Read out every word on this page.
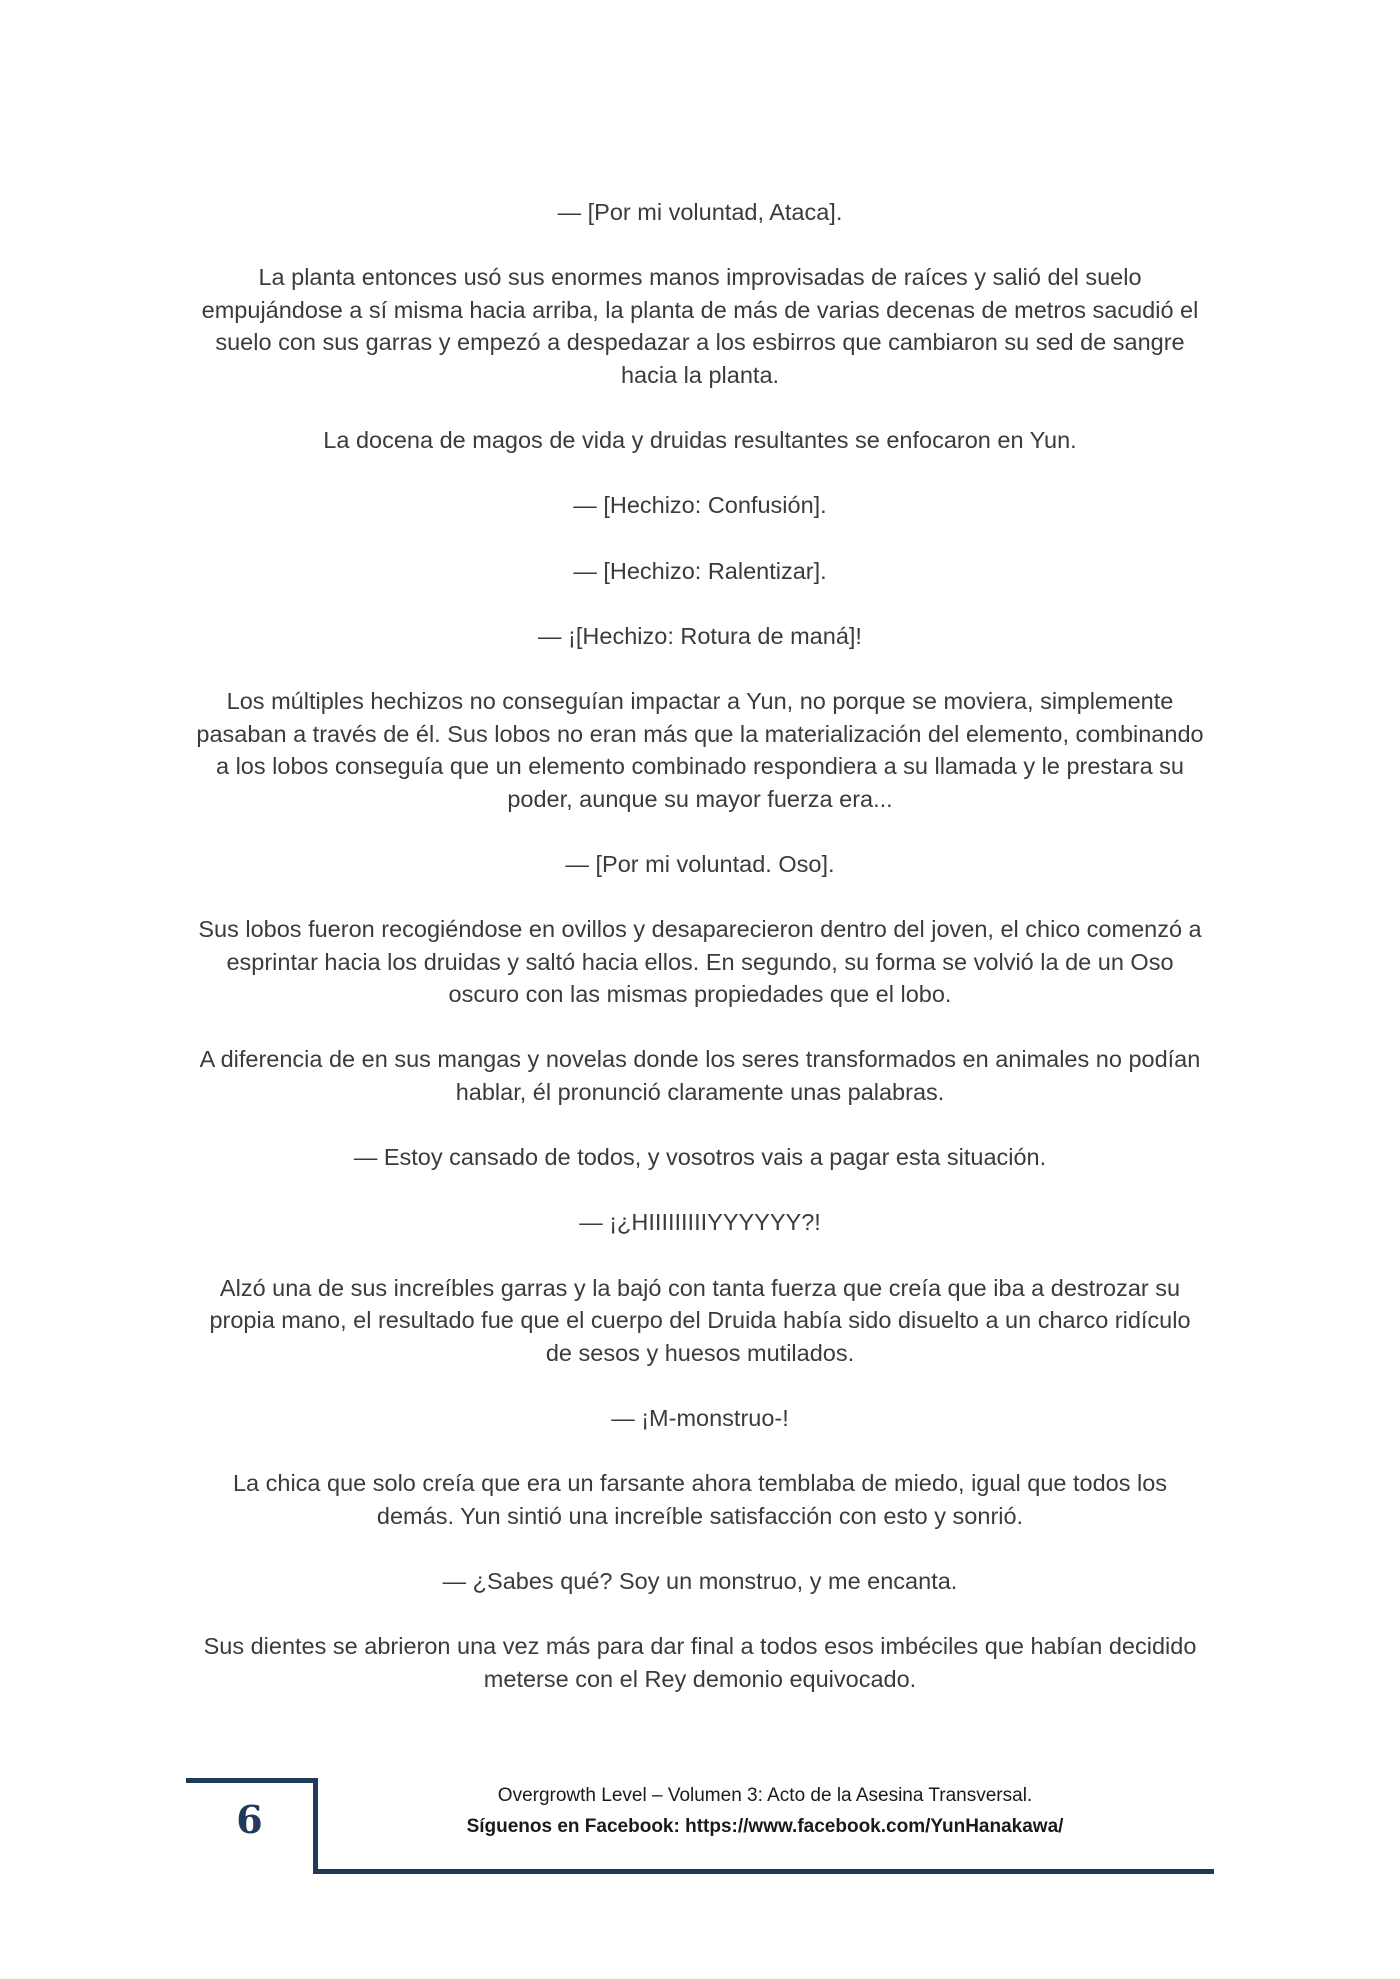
— [Por mi voluntad, Ataca].

La planta entonces usó sus enormes manos improvisadas de raíces y salió del suelo empujándose a sí misma hacia arriba, la planta de más de varias decenas de metros sacudió el suelo con sus garras y empezó a despedazar a los esbirros que cambiaron su sed de sangre hacia la planta.

La docena de magos de vida y druidas resultantes se enfocaron en Yun.

— [Hechizo: Confusión].

— [Hechizo: Ralentizar].

— ¡[Hechizo: Rotura de maná]!

Los múltiples hechizos no conseguían impactar a Yun, no porque se moviera, simplemente pasaban a través de él. Sus lobos no eran más que la materialización del elemento, combinando a los lobos conseguía que un elemento combinado respondiera a su llamada y le prestara su poder, aunque su mayor fuerza era...

— [Por mi voluntad. Oso].

Sus lobos fueron recogiéndose en ovillos y desaparecieron dentro del joven, el chico comenzó a esprintar hacia los druidas y saltó hacia ellos. En segundo, su forma se volvió la de un Oso oscuro con las mismas propiedades que el lobo.

A diferencia de en sus mangas y novelas donde los seres transformados en animales no podían hablar, él pronunció claramente unas palabras.

— Estoy cansado de todos, y vosotros vais a pagar esta situación.

— ¡¿HIIIIIIIIIYYYYYY?!

Alzó una de sus increíbles garras y la bajó con tanta fuerza que creía que iba a destrozar su propia mano, el resultado fue que el cuerpo del Druida había sido disuelto a un charco ridículo de sesos y huesos mutilados.

— ¡M-monstruo-!

La chica que solo creía que era un farsante ahora temblaba de miedo, igual que todos los demás. Yun sintió una increíble satisfacción con esto y sonrió.

— ¿Sabes qué? Soy un monstruo, y me encanta.

Sus dientes se abrieron una vez más para dar final a todos esos imbéciles que habían decidido meterse con el Rey demonio equivocado.

6
Overgrowth Level – Volumen 3: Acto de la Asesina Transversal.
Síguenos en Facebook: https://www.facebook.com/YunHanakawa/
